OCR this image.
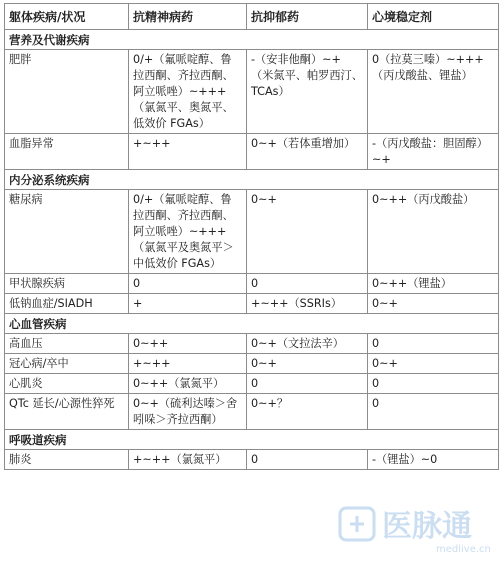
躯体疾病/状况	抗精神病药	抗抑郁药	心境稳定剂
营养及代谢疾病			
肥胖	0/+（氟哌啶醇、鲁拉西酮、齐拉西酮、阿立哌唑）~+++（氯氮平、奥氮平、低效价 FGAs）	-（安非他酮）~+（米氮平、帕罗西汀、TCAs）	0（拉莫三嗪）~+++（丙戊酸盐、锂盐）
血脂异常	+~++	0~+（若体重增加）	-（丙戊酸盐：胆固醇）~+
内分泌系统疾病			
糖尿病	0/+（氟哌啶醇、鲁拉西酮、齐拉西酮、阿立哌唑）~+++（氯氮平及奥氮平＞中低效价 FGAs）	0~+	0~++（丙戊酸盐）
甲状腺疾病	0	0	0~++（锂盐）
低钠血症/SIADH	+	+~++（SSRIs）	0~+
心血管疾病			
高血压	0~++	0~+（文拉法辛）	0
冠心病/卒中	+~++	0~+	0~+
心肌炎	0~++（氯氮平）	0	0
QTc 延长/心源性猝死	0~+（硫利达嗪＞舍吲哚＞齐拉西酮）	0~+？	0
呼吸道疾病			
肺炎	+~++（氯氮平）	0	-（锂盐）~0
医脉通
medlive.cn
